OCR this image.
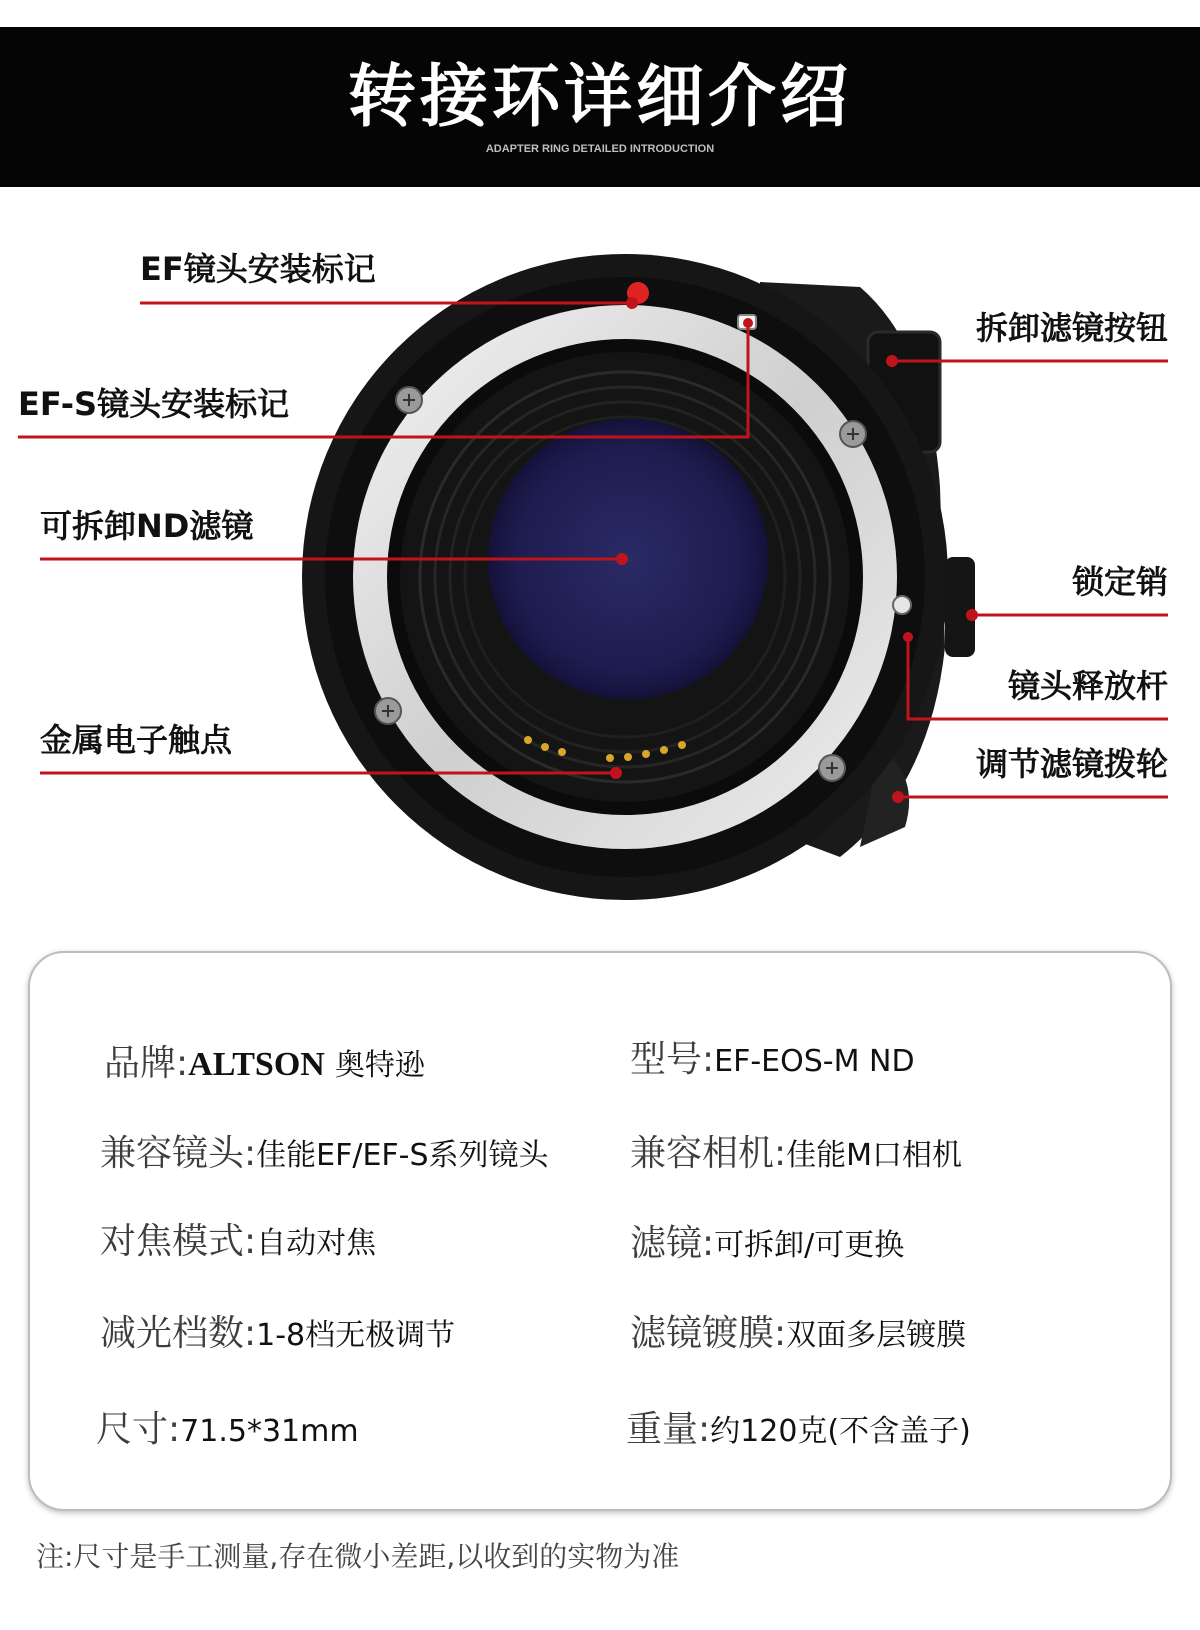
转接环详细介绍
ADAPTER RING DETAILED INTRODUCTION
EF镜头安装标记
EF-S镜头安装标记
可拆卸ND滤镜
金属电子触点
拆卸滤镜按钮
锁定销
镜头释放杆
调节滤镜拨轮
品牌:ALTSON 奥特逊	型号:EF-EOS-M ND
兼容镜头:佳能EF/EF-S系列镜头 兼容相机:佳能M口相机
对焦模式:自动对焦	滤镜:可拆卸/可更换
减光档数:1-8档无极调节	滤镜镀膜:双面多层镀膜
尺寸:71.5*31mm	重量:约120克(不含盖子)
注:尺寸是手工测量,存在微小差距,以收到的实物为准
